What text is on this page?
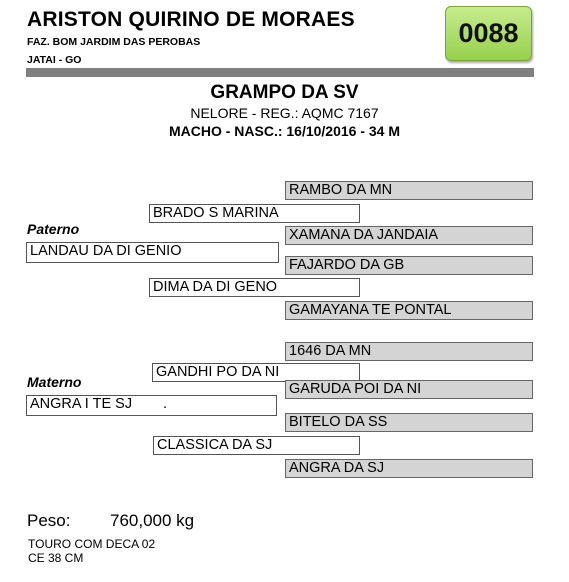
ARISTON QUIRINO DE MORAES
FAZ. BOM JARDIM DAS PEROBAS
JATAI - GO
0088
GRAMPO DA SV
NELORE - REG.: AQMC 7167
MACHO - NASC.: 16/10/2016 - 34 M
RAMBO DA MN
BRADO S MARINA
Paterno	XAMANA DA JANDAIA
LANDAU DA DI GENIO
FAJARDO DA GB
DIMA DA DI GENO
GAMAYANA TE PONTAL
1646 DA MN
GANDHI PO DA NI
Materno	GARUDA POI DA NI
ANGRA I TE SJ .
BITELO DA SS
CLASSICA DA SJ
ANGRA DA SJ
Peso: 760,000 kg
TOURO COM DECA 02
CE 38 CM
